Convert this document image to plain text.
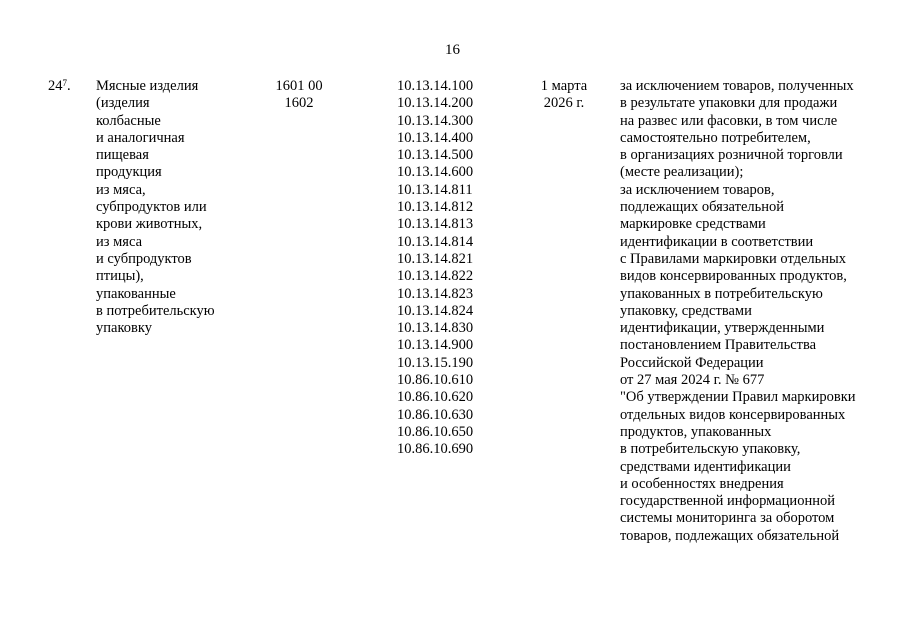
16
$24^7$. Мясные изделия
(изделия
колбасные
и аналогичная
пищевая
продукция
из мяса,
субпродуктов или
крови животных,
из мяса
и субпродуктов
птицы),
упакованные
в потребительскую
упаковку
1601 00
1602
10.13.14.100
10.13.14.200
10.13.14.300
10.13.14.400
10.13.14.500
10.13.14.600
10.13.14.811
10.13.14.812
10.13.14.813
10.13.14.814
10.13.14.821
10.13.14.822
10.13.14.823
10.13.14.824
10.13.14.830
10.13.14.900
10.13.15.190
10.86.10.610
10.86.10.620
10.86.10.630
10.86.10.650
10.86.10.690
1 марта
2026 г.
за исключением товаров, полученных
в результате упаковки для продажи
на развес или фасовки, в том числе
самостоятельно потребителем,
в организациях розничной торговли
(месте реализации);
за исключением товаров,
подлежащих обязательной
маркировке средствами
идентификации в соответствии
с Правилами маркировки отдельных
видов консервированных продуктов,
упакованных в потребительскую
упаковку, средствами
идентификации, утвержденными
постановлением Правительства
Российской Федерации
от 27 мая 2024 г. № 677
"Об утверждении Правил маркировки
отдельных видов консервированных
продуктов, упакованных
в потребительскую упаковку,
средствами идентификации
и особенностях внедрения
государственной информационной
системы мониторинга за оборотом
товаров, подлежащих обязательной
